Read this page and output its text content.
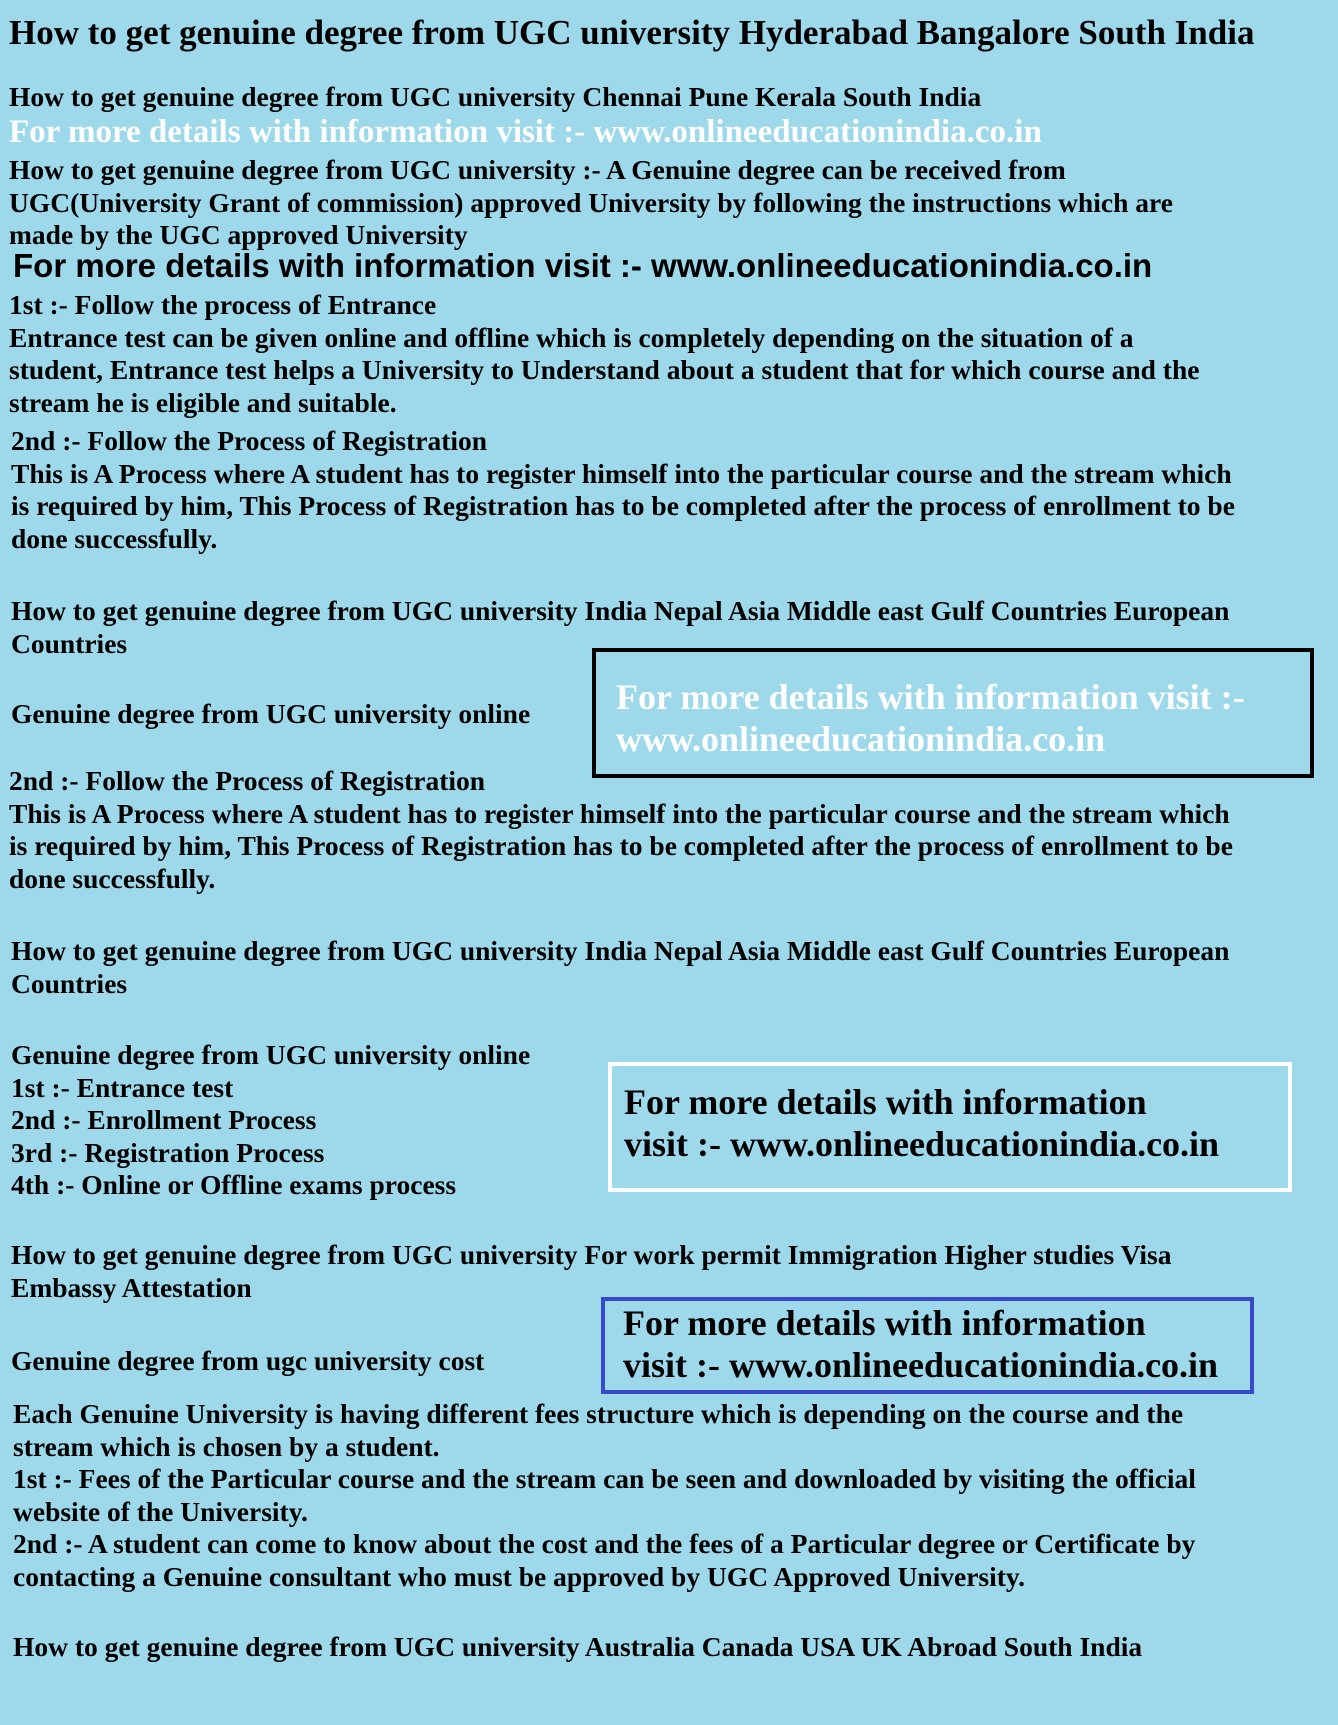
How to get genuine degree from UGC university Hyderabad Bangalore South India

How to get genuine degree from UGC university Chennai Pune Kerala South India

For more details with information visit :- www.onlineeducationindia.co.in

How to get genuine degree from UGC university :- A Genuine degree can be received from
UGC(University Grant of commission) approved University by following the instructions which are
made by the UGC approved University

For more details with information visit :- www.onlineeducationindia.co.in

1st :- Follow the process of Entrance
Entrance test can be given online and offline which is completely depending on the situation of a
student, Entrance test helps a University to Understand about a student that for which course and the
stream he is eligible and suitable.
2nd :- Follow the Process of Registration
This is A Process where A student has to register himself into the particular course and the stream which
is required by him, This Process of Registration has to be completed after the process of enrollment to be
done successfully.
How to get genuine degree from UGC university India Nepal Asia Middle east Gulf Countries European
Countries

Genuine degree from UGC university online For more details with information visit :-
www.onlineeducationindia.co.in
2nd :- Follow the Process of Registration
This is A Process where A student has to register himself into the particular course and the stream which
is required by him, This Process of Registration has to be completed after the process of enrollment to be
done successfully.
How to get genuine degree from UGC university India Nepal Asia Middle east Gulf Countries European
Countries
Genuine degree from UGC university online
1st :- Entrance test
2nd :- Enrollment Process
3rd :- Registration Process
4th :- Online or Offline exams process
For more details with information
visit :- www.onlineeducationindia.co.in
How to get genuine degree from UGC university For work permit Immigration Higher studies Visa
Embassy Attestation

Genuine degree from ugc university cost

For more details with information
visit :- www.onlineeducationindia.co.in
Each Genuine University is having different fees structure which is depending on the course and the
stream which is chosen by a student.
1st :- Fees of the Particular course and the stream can be seen and downloaded by visiting the official
website of the University.
2nd :- A student can come to know about the cost and the fees of a Particular degree or Certificate by
contacting a Genuine consultant who must be approved by UGC Approved University.

How to get genuine degree from UGC university Australia Canada USA UK Abroad South India
